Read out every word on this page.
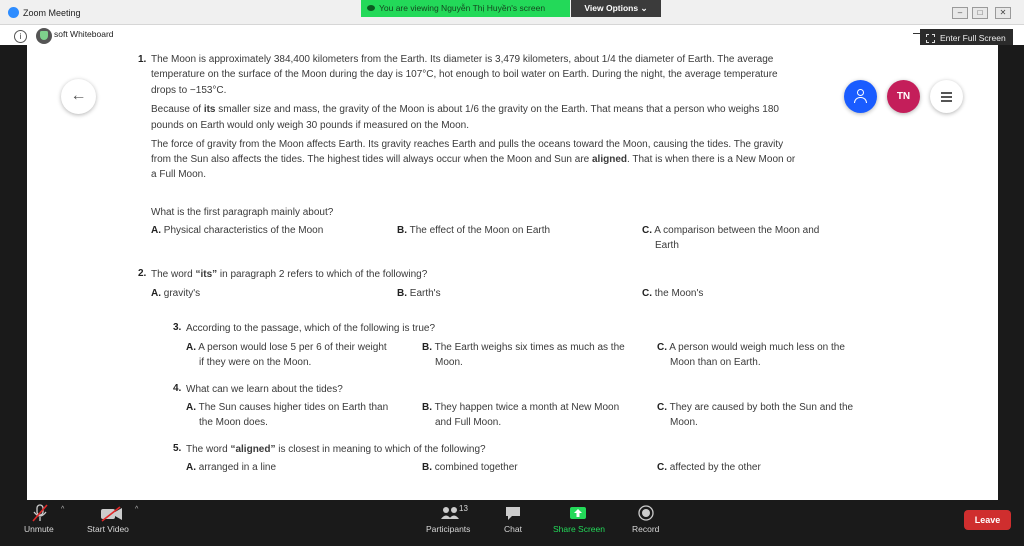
Zoom Meeting	You are viewing Nguyễn Thị Huyền's screen	View Options ⌄	–	□	✕
i	soft Whiteboard	Enter Full Screen
←	TN
1. The Moon is approximately 384,400 kilometers from the Earth. Its diameter is 3,479 kilometers, about 1/4 the diameter of Earth. The average
temperature on the surface of the Moon during the day is 107°C, hot enough to boil water on Earth. During the night, the average temperature
drops to −153°C.
Because of its smaller size and mass, the gravity of the Moon is about 1/6 the gravity on the Earth. That means that a person who weighs 180
pounds on Earth would only weigh 30 pounds if measured on the Moon.
The force of gravity from the Moon affects Earth. Its gravity reaches Earth and pulls the oceans toward the Moon, causing the tides. The gravity
from the Sun also affects the tides. The highest tides will always occur when the Moon and Sun are aligned. That is when there is a New Moon or
a Full Moon.
What is the first paragraph mainly about?
A. Physical characteristics of the Moon	B. The effect of the Moon on Earth	C. A comparison between the Moon and
Earth
2. The word “its” in paragraph 2 refers to which of the following?
A. gravity's	B. Earth's	C. the Moon's
3. According to the passage, which of the following is true?
A. A person would lose 5 per 6 of their weight
if they were on the Moon.
B. The Earth weighs six times as much as the
Moon.
C. A person would weigh much less on the
Moon than on Earth.
4. What can we learn about the tides?
A. The Sun causes higher tides on Earth than
the Moon does.
B. They happen twice a month at New Moon
and Full Moon.
C. They are caused by both the Sun and the
Moon.
5. The word “aligned” is closest in meaning to which of the following?
A. arranged in a line	B. combined together	C. affected by the other
Unmute
^
Start Video
^	13
Participants	Chat	Share Screen	Record
Leave
